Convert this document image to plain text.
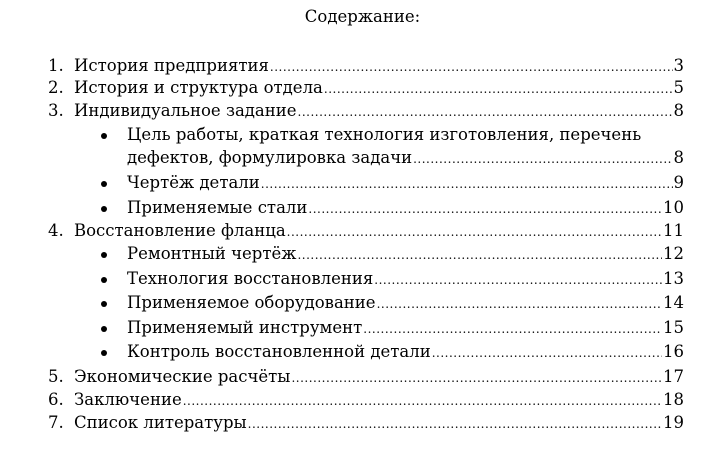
Содержание:
1. История предприятия .....	3
2. История и структура отдела .....	5
3. Индивидуальное задание .....	8
Цель работы, краткая технология изготовления, перечень
дефектов, формулировка задачи .....	8
Чертёж детали .....	9
Применяемые стали .....	10
4. Восстановление фланца .....	11
Ремонтный чертёж .....	12
Технология восстановления .....	13
Применяемое оборудование .....	14
Применяемый инструмент .....	15
Контроль восстановленной детали .....	16
5. Экономические расчёты .....	17
6. Заключение .....	18
7. Список литературы .....	19
